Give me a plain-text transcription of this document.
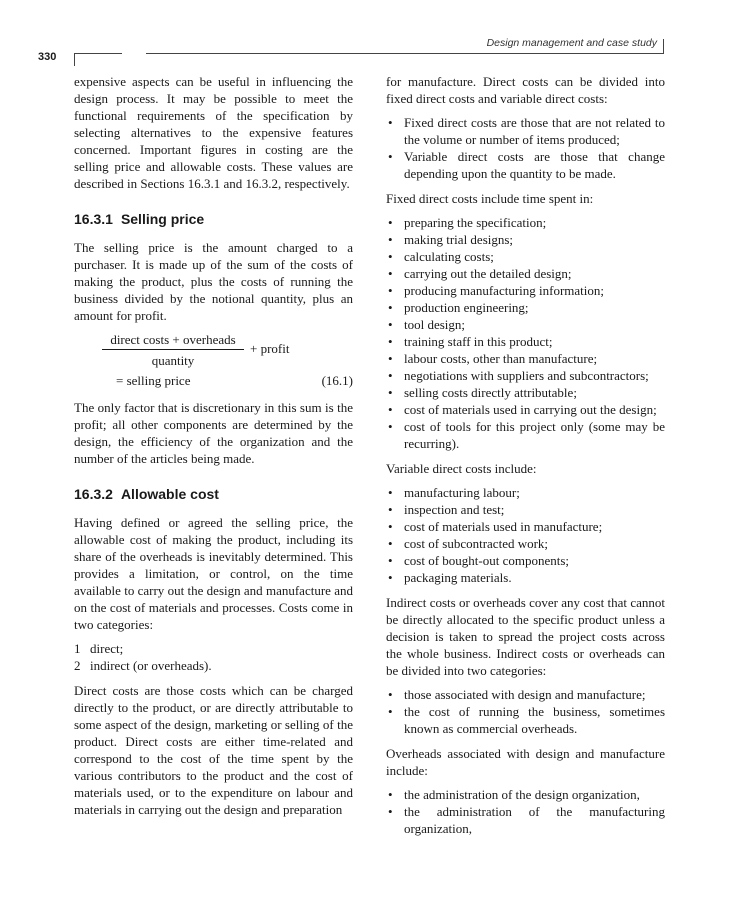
330
Design management and case study

expensive aspects can be useful in influencing the design process. It may be possible to meet the functional requirements of the specification by selecting alternatives to the expensive features concerned. Important figures in costing are the selling price and allowable costs. These values are described in Sections 16.3.1 and 16.3.2, respectively.

16.3.1 Selling price

The selling price is the amount charged to a purchaser. It is made up of the sum of the costs of making the product, plus the costs of running the business divided by the notional quantity, plus an amount for profit.

direct costs + overheads
quantity
+ profit
= selling price	(16.1)

The only factor that is discretionary in this sum is the profit; all other components are determined by the design, the efficiency of the organization and the number of the articles being made.

16.3.2 Allowable cost

Having defined or agreed the selling price, the allowable cost of making the product, including its share of the overheads is inevitably determined. This provides a limitation, or control, on the time available to carry out the design and manufacture and on the cost of materials and processes. Costs come in two categories:

1 direct;
2 indirect (or overheads).

Direct costs are those costs which can be charged directly to the product, or are directly attributable to some aspect of the design, marketing or selling of the product. Direct costs are either time-related and correspond to the cost of the time spent by the various contributors to the product and the cost of materials used, or to the expenditure on labour and materials in carrying out the design and preparation

for manufacture. Direct costs can be divided into fixed direct costs and variable direct costs:

• Fixed direct costs are those that are not related to the volume or number of items produced;
• Variable direct costs are those that change depending upon the quantity to be made.

Fixed direct costs include time spent in:

• preparing the specification;
• making trial designs;
• calculating costs;
• carrying out the detailed design;
• producing manufacturing information;
• production engineering;
• tool design;
• training staff in this product;
• labour costs, other than manufacture;
• negotiations with suppliers and subcontractors;
• selling costs directly attributable;
• cost of materials used in carrying out the design;
• cost of tools for this project only (some may be recurring).

Variable direct costs include:

• manufacturing labour;
• inspection and test;
• cost of materials used in manufacture;
• cost of subcontracted work;
• cost of bought-out components;
• packaging materials.

Indirect costs or overheads cover any cost that cannot be directly allocated to the specific product unless a decision is taken to spread the project costs across the whole business. Indirect costs or overheads can be divided into two categories:

• those associated with design and manufacture;
• the cost of running the business, sometimes known as commercial overheads.

Overheads associated with design and manufacture include:

• the administration of the design organization,
• the administration of the manufacturing organization,
